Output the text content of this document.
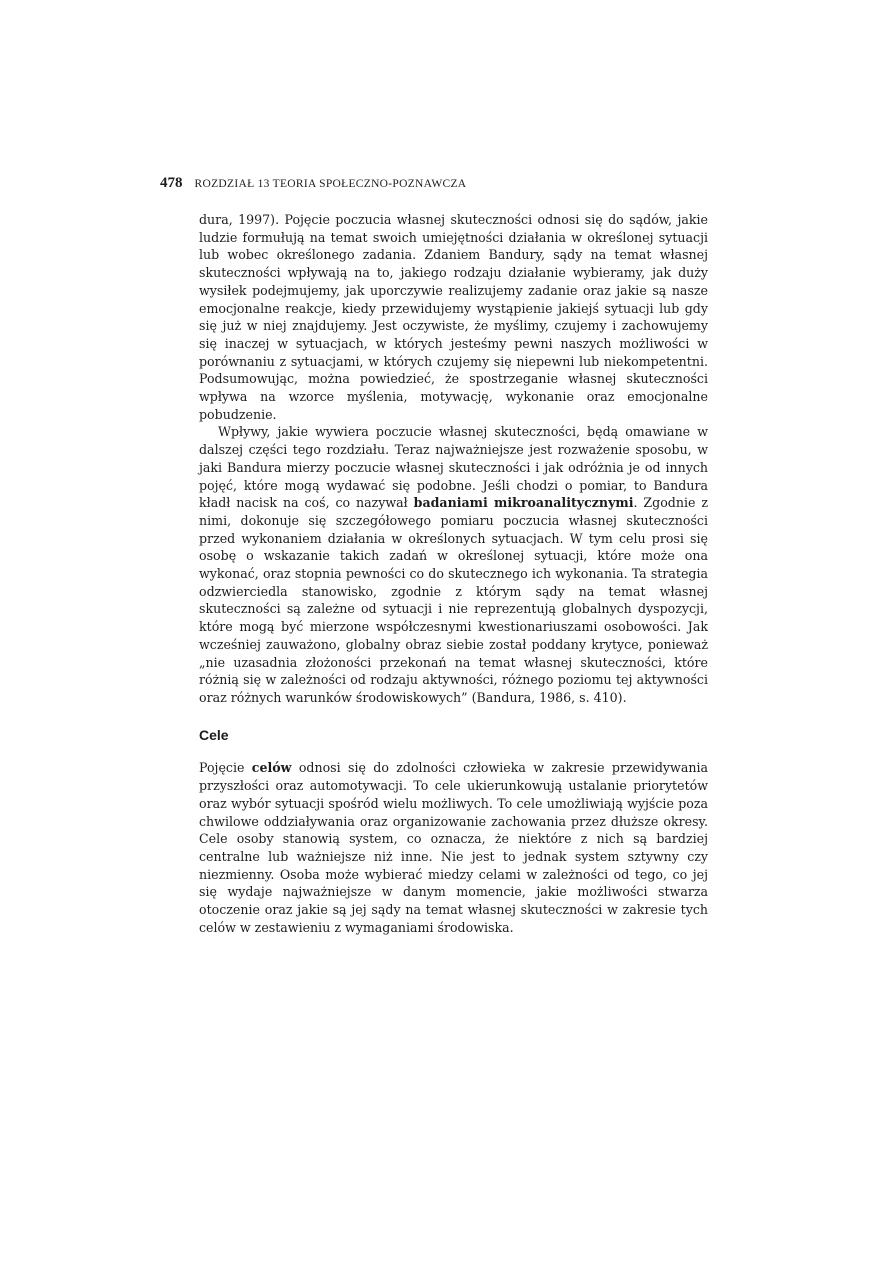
478 ROZDZIAŁ 13 TEORIA SPOŁECZNO-POZNAWCZA

dura, 1997). Pojęcie poczucia własnej skuteczności odnosi się do sądów, jakie ludzie formułują na temat swoich umiejętności działania w określonej sytuacji lub wobec określonego zadania. Zdaniem Bandury, sądy na temat własnej skuteczności wpływają na to, jakiego rodzaju działanie wybieramy, jak duży wysiłek podejmujemy, jak uporczywie realizujemy zadanie oraz jakie są nasze emocjonalne reakcje, kiedy przewidujemy wystąpienie jakiejś sytuacji lub gdy się już w niej znajdujemy. Jest oczywiste, że myślimy, czujemy i zachowujemy się inaczej w sytuacjach, w których jesteśmy pewni naszych możliwości w porównaniu z sytuacjami, w których czujemy się niepewni lub niekompetentni. Podsumowując, można powiedzieć, że spostrzeganie własnej skuteczności wpływa na wzorce myślenia, motywację, wykonanie oraz emocjonalne pobudzenie.

Wpływy, jakie wywiera poczucie własnej skuteczności, będą omawiane w dalszej części tego rozdziału. Teraz najważniejsze jest rozważenie sposobu, w jaki Bandura mierzy poczucie własnej skuteczności i jak odróżnia je od innych pojęć, które mogą wydawać się podobne. Jeśli chodzi o pomiar, to Bandura kładł nacisk na coś, co nazywał badaniami mikroanalitycznymi. Zgodnie z nimi, dokonuje się szczegółowego pomiaru poczucia własnej skuteczności przed wykonaniem działania w określonych sytuacjach. W tym celu prosi się osobę o wskazanie takich zadań w określonej sytuacji, które może ona wykonać, oraz stopnia pewności co do skutecznego ich wykonania. Ta strategia odzwierciedla stanowisko, zgodnie z którym sądy na temat własnej skuteczności są zależne od sytuacji i nie reprezentują globalnych dyspozycji, które mogą być mierzone współczesnymi kwestionariuszami osobowości. Jak wcześniej zauważono, globalny obraz siebie został poddany krytyce, ponieważ „nie uzasadnia złożoności przekonań na temat własnej skuteczności, które różnią się w zależności od rodzaju aktywności, różnego poziomu tej aktywności oraz różnych warunków środowiskowych” (Bandura, 1986, s. 410).

Cele

Pojęcie celów odnosi się do zdolności człowieka w zakresie przewidywania przyszłości oraz automotywacji. To cele ukierunkowują ustalanie priorytetów oraz wybór sytuacji spośród wielu możliwych. To cele umożliwiają wyjście poza chwilowe oddziaływania oraz organizowanie zachowania przez dłuższe okresy. Cele osoby stanowią system, co oznacza, że niektóre z nich są bardziej centralne lub ważniejsze niż inne. Nie jest to jednak system sztywny czy niezmienny. Osoba może wybierać miedzy celami w zależności od tego, co jej się wydaje najważniejsze w danym momencie, jakie możliwości stwarza otoczenie oraz jakie są jej sądy na temat własnej skuteczności w zakresie tych celów w zestawieniu z wymaganiami środowiska.
